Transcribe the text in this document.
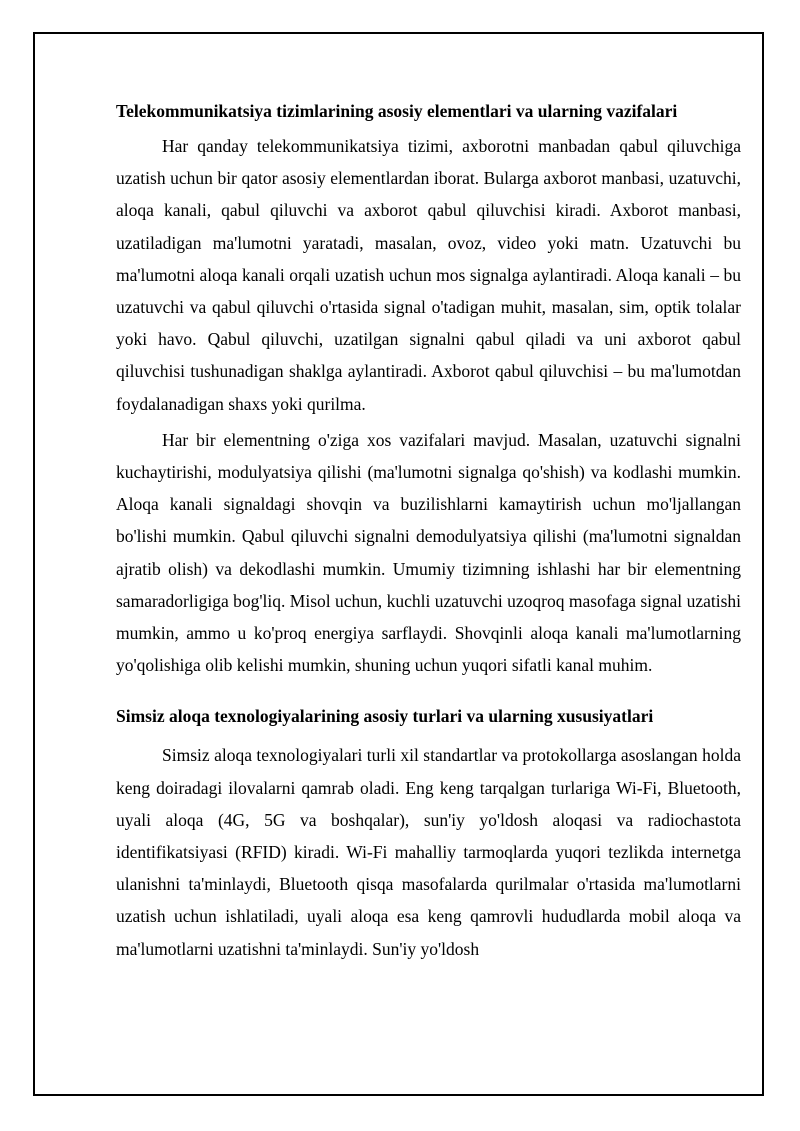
Telekommunikatsiya tizimlarining asosiy elementlari va ularning vazifalari

Har qanday telekommunikatsiya tizimi, axborotni manbadan qabul qiluvchiga uzatish uchun bir qator asosiy elementlardan iborat. Bularga axborot manbasi, uzatuvchi, aloqa kanali, qabul qiluvchi va axborot qabul qiluvchisi kiradi. Axborot manbasi, uzatiladigan ma'lumotni yaratadi, masalan, ovoz, video yoki matn. Uzatuvchi bu ma'lumotni aloqa kanali orqali uzatish uchun mos signalga aylantiradi. Aloqa kanali – bu uzatuvchi va qabul qiluvchi o'rtasida signal o'tadigan muhit, masalan, sim, optik tolalar yoki havo. Qabul qiluvchi, uzatilgan signalni qabul qiladi va uni axborot qabul qiluvchisi tushunadigan shaklga aylantiradi. Axborot qabul qiluvchisi – bu ma'lumotdan foydalanadigan shaxs yoki qurilma.

Har bir elementning o'ziga xos vazifalari mavjud. Masalan, uzatuvchi signalni kuchaytirishi, modulyatsiya qilishi (ma'lumotni signalga qo'shish) va kodlashi mumkin. Aloqa kanali signaldagi shovqin va buzilishlarni kamaytirish uchun mo'ljallangan bo'lishi mumkin. Qabul qiluvchi signalni demodulyatsiya qilishi (ma'lumotni signaldan ajratib olish) va dekodlashi mumkin. Umumiy tizimning ishlashi har bir elementning samaradorligiga bog'liq. Misol uchun, kuchli uzatuvchi uzoqroq masofaga signal uzatishi mumkin, ammo u ko'proq energiya sarflaydi. Shovqinli aloqa kanali ma'lumotlarning yo'qolishiga olib kelishi mumkin, shuning uchun yuqori sifatli kanal muhim.

Simsiz aloqa texnologiyalarining asosiy turlari va ularning xususiyatlari

Simsiz aloqa texnologiyalari turli xil standartlar va protokollarga asoslangan holda keng doiradagi ilovalarni qamrab oladi. Eng keng tarqalgan turlariga Wi-Fi, Bluetooth, uyali aloqa (4G, 5G va boshqalar), sun'iy yo'ldosh aloqasi va radiochastota identifikatsiyasi (RFID) kiradi. Wi-Fi mahalliy tarmoqlarda yuqori tezlikda internetga ulanishni ta'minlaydi, Bluetooth qisqa masofalarda qurilmalar o'rtasida ma'lumotlarni uzatish uchun ishlatiladi, uyali aloqa esa keng qamrovli hududlarda mobil aloqa va ma'lumotlarni uzatishni ta'minlaydi. Sun'iy yo'ldosh
